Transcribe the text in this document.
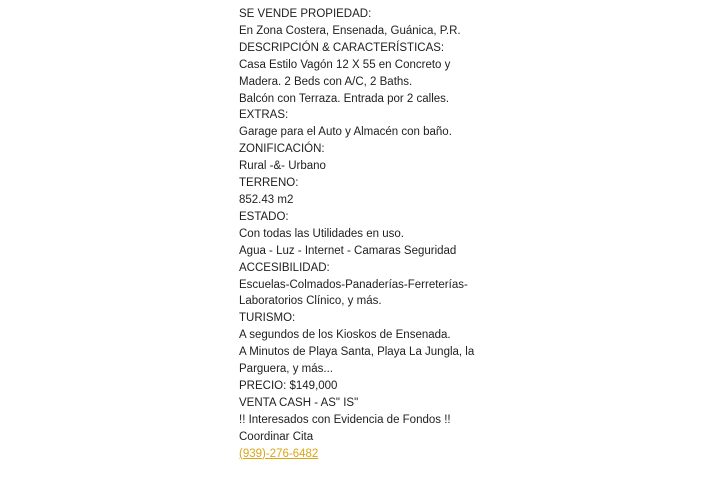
SE VENDE PROPIEDAD:
En Zona Costera, Ensenada, Guánica, P.R.
DESCRIPCIÓN & CARACTERÍSTICAS:
Casa Estilo Vagón 12 X 55 en Concreto y
Madera. 2 Beds con A/C, 2 Baths.
Balcón con Terraza. Entrada por 2 calles.
EXTRAS:
Garage para el Auto y Almacén con baño.
ZONIFICACIÓN:
Rural -&- Urbano
TERRENO:
852.43 m2
ESTADO:
Con todas las Utilidades en uso.
Agua - Luz - Internet - Camaras Seguridad
ACCESIBILIDAD:
Escuelas-Colmados-Panaderías-Ferreterías-
Laboratorios Clínico, y más.
TURISMO:
A segundos de los Kioskos de Ensenada.
A Minutos de Playa Santa, Playa La Jungla, la
Parguera, y más...
PRECIO: $149,000
VENTA CASH - AS" IS"
!! Interesados con Evidencia de Fondos !!
Coordinar Cita
(939)-276-6482
